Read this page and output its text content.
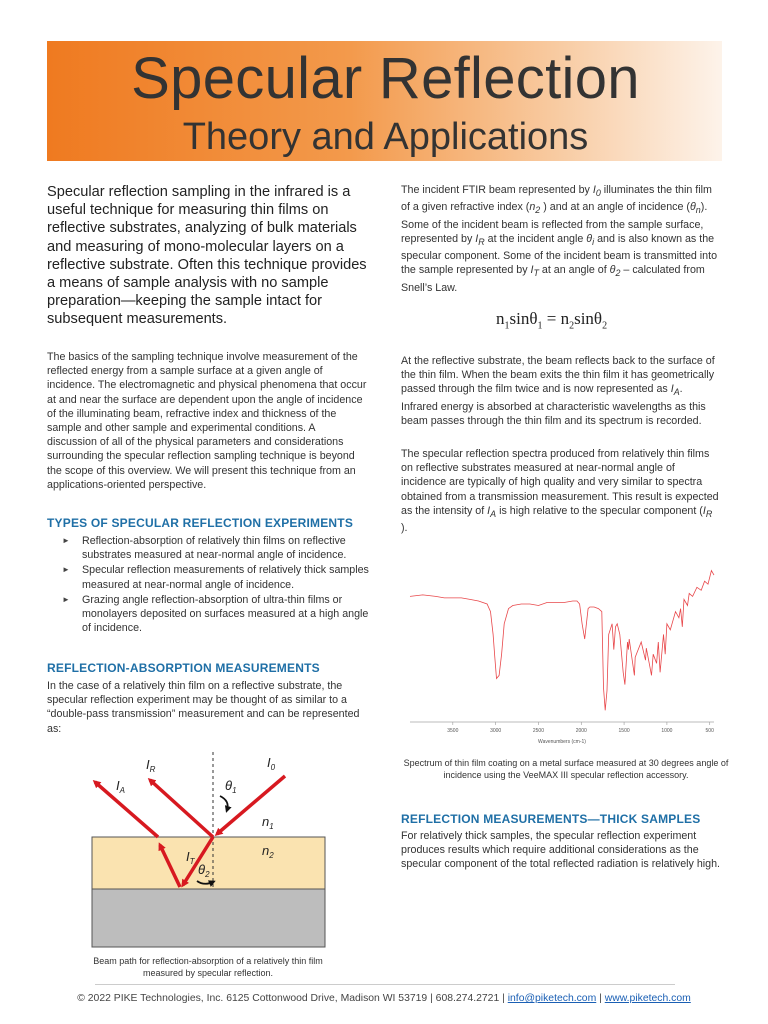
Specular Reflection
Theory and Applications
Specular reflection sampling in the infrared is a useful technique for measuring thin films on reflective substrates, analyzing of bulk materials and measuring of mono-molecular layers on a reflective substrate. Often this technique provides a means of sample analysis with no sample preparation—keeping the sample intact for subsequent measurements.

The basics of the sampling technique involve measurement of the reflected energy from a sample surface at a given angle of incidence. The electromagnetic and physical phenomena that occur at and near the surface are dependent upon the angle of incidence of the illuminating beam, refractive index and thickness of the sample and other sample and experimental conditions. A discussion of all of the physical parameters and considerations surrounding the specular reflection sampling technique is beyond the scope of this overview. We will present this technique from an applications-oriented perspective.

TYPES OF SPECULAR REFLECTION EXPERIMENTS
► Reflection-absorption of relatively thin films on reflective substrates measured at near-normal angle of incidence.
► Specular reflection measurements of relatively thick samples measured at near-normal angle of incidence.
► Grazing angle reflection-absorption of ultra-thin films or monolayers deposited on surfaces measured at a high angle of incidence.
REFLECTION-ABSORPTION MEASUREMENTS

In the case of a relatively thin film on a reflective substrate, the specular reflection experiment may be thought of as similar to a “double-pass transmission” measurement and can be represented as:

$I_R$	$I_0$
$I_A$	$\theta_1$
$n_1$
$I_T$
$\theta_2$
$n_2$
Beam path for reflection-absorption of a relatively thin film measured by specular reflection.

The incident FTIR beam represented by $I_0$ illuminates the thin film of a given refractive index ($n_2$ ) and at an angle of incidence $(\theta_n)$. Some of the incident beam is reflected from the sample surface, represented by $I_R$ at the incident angle $\theta_i$ and is also known as the specular component. Some of the incident beam is transmitted into the sample represented by $I_T$ at an angle of $\theta_2$ – calculated from Snell’s Law.

$n_1\sin\theta_1 = n_2\sin\theta_2$

At the reflective substrate, the beam reflects back to the surface of the thin film. When the beam exits the thin film it has geometrically passed through the film twice and is now represented as $I_A$. Infrared energy is absorbed at characteristic wavelengths as this beam passes through the thin film and its spectrum is recorded.

The specular reflection spectra produced from relatively thin films on reflective substrates measured at near-normal angle of incidence are typically of high quality and very similar to spectra obtained from a transmission measurement. This result is expected as the intensity of $I_A$ is high relative to the specular component ($I_R$ ).

3500	3000	2500	2000	1500	1000	500
Wavenumbers (cm-1)
Spectrum of thin film coating on a metal surface measured at 30 degrees angle of incidence using the VeeMAX III specular reflection accessory.
REFLECTION MEASUREMENTS—THICK SAMPLES

For relatively thick samples, the specular reflection experiment produces results which require additional considerations as the specular component of the total reflected radiation is relatively high.

© 2022 PIKE Technologies, Inc. 6125 Cottonwood Drive, Madison WI 53719 | 608.274.2721 | info@piketech.com | www.piketech.com
